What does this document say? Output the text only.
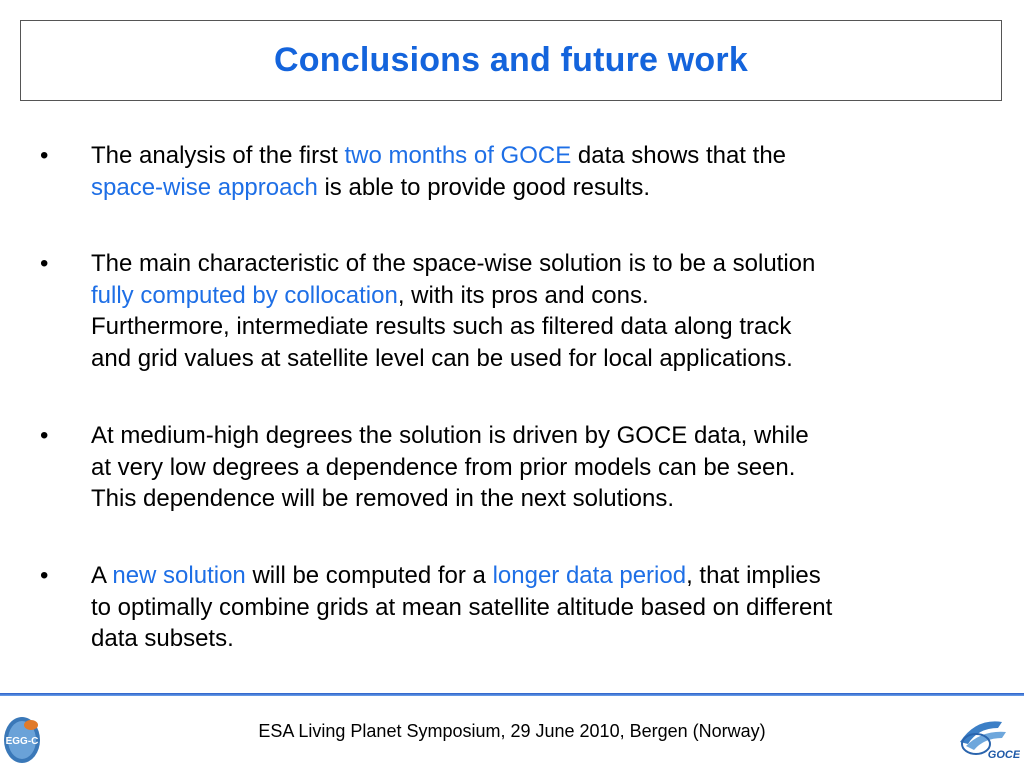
Conclusions and future work
• The analysis of the first two months of GOCE data shows that the
space-wise approach is able to provide good results.
• The main characteristic of the space-wise solution is to be a solution
fully computed by collocation, with its pros and cons.
Furthermore, intermediate results such as filtered data along track
and grid values at satellite level can be used for local applications.
• At medium-high degrees the solution is driven by GOCE data, while
at very low degrees a dependence from prior models can be seen.
This dependence will be removed in the next solutions.
• A new solution will be computed for a longer data period, that implies
to optimally combine grids at mean satellite altitude based on different
data subsets.
EGG-C
ESA Living Planet Symposium, 29 June 2010, Bergen (Norway)
GOCE
